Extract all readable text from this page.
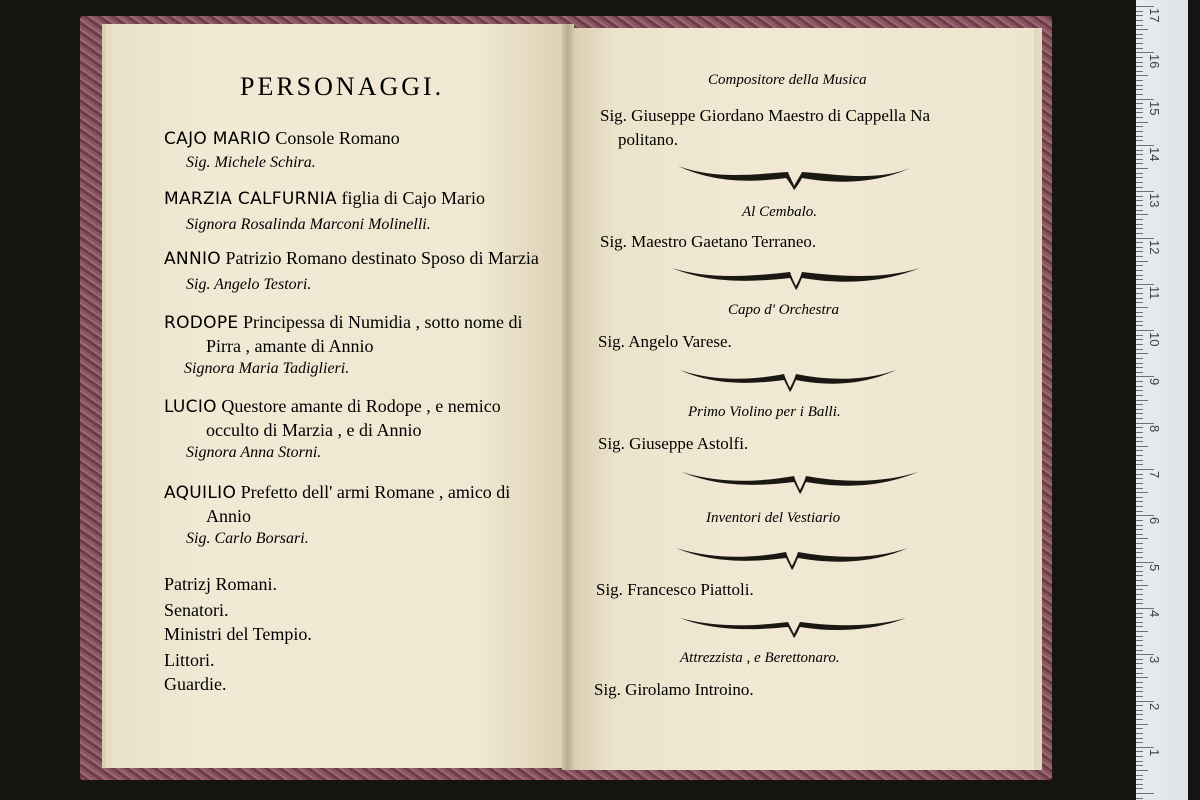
PERSONAGGI.
CAJO MARIO Console Romano
Sig. Michele Schira.
MARZIA CALFURNIA figlia di Cajo Mario
Signora Rosalinda Marconi Molinelli.
ANNIO Patrizio Romano destinato Sposo di Marzia
Sig. Angelo Testori.
RODOPE Principessa di Numidia , sotto nome di
Pirra , amante di Annio
Signora Maria Tadiglieri.
LUCIO Questore amante di Rodope , e nemico
occulto di Marzia , e di Annio
Signora Anna Storni.
AQUILIO Prefetto dell' armi Romane , amico di
Annio
Sig. Carlo Borsari.
Patrizj Romani.
Senatori.
Ministri del Tempio.
Littori.
Guardie.
Compositore della Musica
Sig. Giuseppe Giordano Maestro di Cappella Na
politano.
Al Cembalo.
Sig. Maestro Gaetano Terraneo.
Capo d' Orchestra
Sig. Angelo Varese.
Primo Violino per i Balli.
Sig. Giuseppe Astolfi.
Inventori del Vestiario
Sig. Francesco Piattoli.
Attrezzista , e Berettonaro.
Sig. Girolamo Introino.
17
16
15
14
13
12
11
10
9
8
7
6
5
4
3
2
1
